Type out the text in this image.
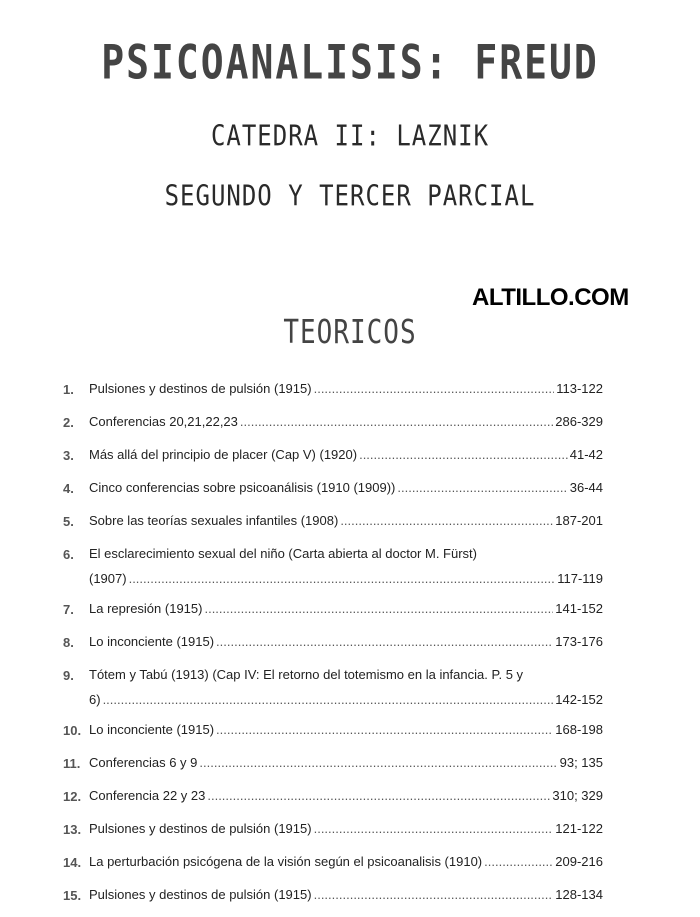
PSICOANALISIS: FREUD
CATEDRA II: LAZNIK
SEGUNDO Y TERCER PARCIAL
ALTILLO.COM
TEORICOS
1. Pulsiones y destinos de pulsión (1915) .....	113-122
2. Conferencias 20,21,22,23 .....	286-329
3. Más allá del principio de placer (Cap V) (1920) .....	41-42
4. Cinco conferencias sobre psicoanálisis (1910 (1909)) .....	36-44
5. Sobre las teorías sexuales infantiles (1908) .....	187-201
6. El esclarecimiento sexual del niño (Carta abierta al doctor M. Fürst)
(1907) .....	117-119
7. La represión (1915) .....	141-152
8. Lo inconciente (1915) .....	173-176
9. Tótem y Tabú (1913) (Cap IV: El retorno del totemismo en la infancia. P. 5 y
6) .....	142-152
10. Lo inconciente (1915) .....	168-198
11. Conferencias 6 y 9 .....	93; 135
12. Conferencia 22 y 23 .....	310; 329
13. Pulsiones y destinos de pulsión (1915) .....	121-122
14. La perturbación psicógena de la visión según el psicoanalisis (1910) .....	209-216
15. Pulsiones y destinos de pulsión (1915) .....	128-134
